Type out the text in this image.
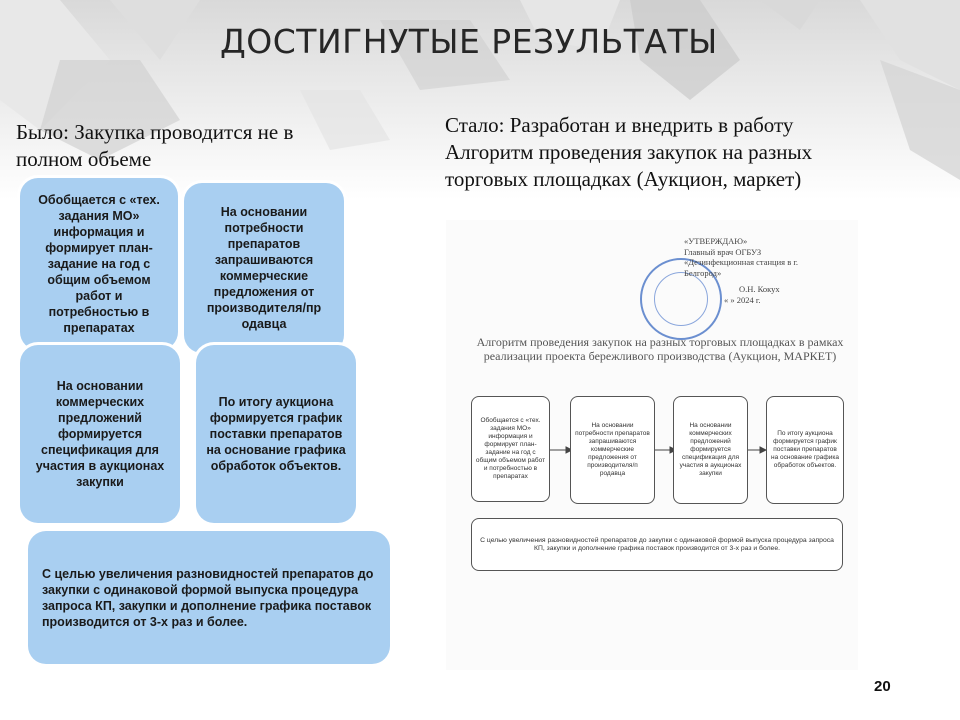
ДОСТИГНУТЫЕ РЕЗУЛЬТАТЫ
Было: Закупка проводится не в полном объеме
Стало: Разработан и внедрить в работу Алгоритм проведения закупок на разных торговых площадках (Аукцион, маркет)
Обобщается с «тех. задания МО» информация и формирует план-задание на год с общим объемом работ и потребностью в препаратах
На основании потребности препаратов запрашиваются коммерческие предложения от производителя/пр одавца
На основании коммерческих предложений формируется спецификация для участия в аукционах закупки
По итогу аукциона формируется график поставки препаратов на основание графика обработок объектов.
С целью увеличения разновидностей препаратов до закупки с одинаковой формой выпуска процедура запроса КП, закупки и дополнение графика поставок производится от 3-х раз и более.
«УТВЕРЖДАЮ»
Главный врач ОГБУЗ
«Дезинфекционная станция в г.
Белгород»
О.Н. Кокух
« » 2024 г.
Алгоритм проведения закупок на разных торговых площадках в рамках реализации проекта бережливого производства (Аукцион, МАРКЕТ)
Обобщается с «тех. задания МО» информация и формирует план-задание на год с общим объемом работ и потребностью в препаратах
На основании потребности препаратов запрашиваются коммерческие предложения от производителя/п родавца
На основании коммерческих предложений формируется спецификация для участия в аукционах закупки
По итогу аукциона формируется график поставки препаратов на основание графика обработок объектов.
С целью увеличения разновидностей препаратов до закупки с одинаковой формой выпуска процедура запроса КП, закупки и дополнение графика поставок производится от 3-х раз и более.
20
